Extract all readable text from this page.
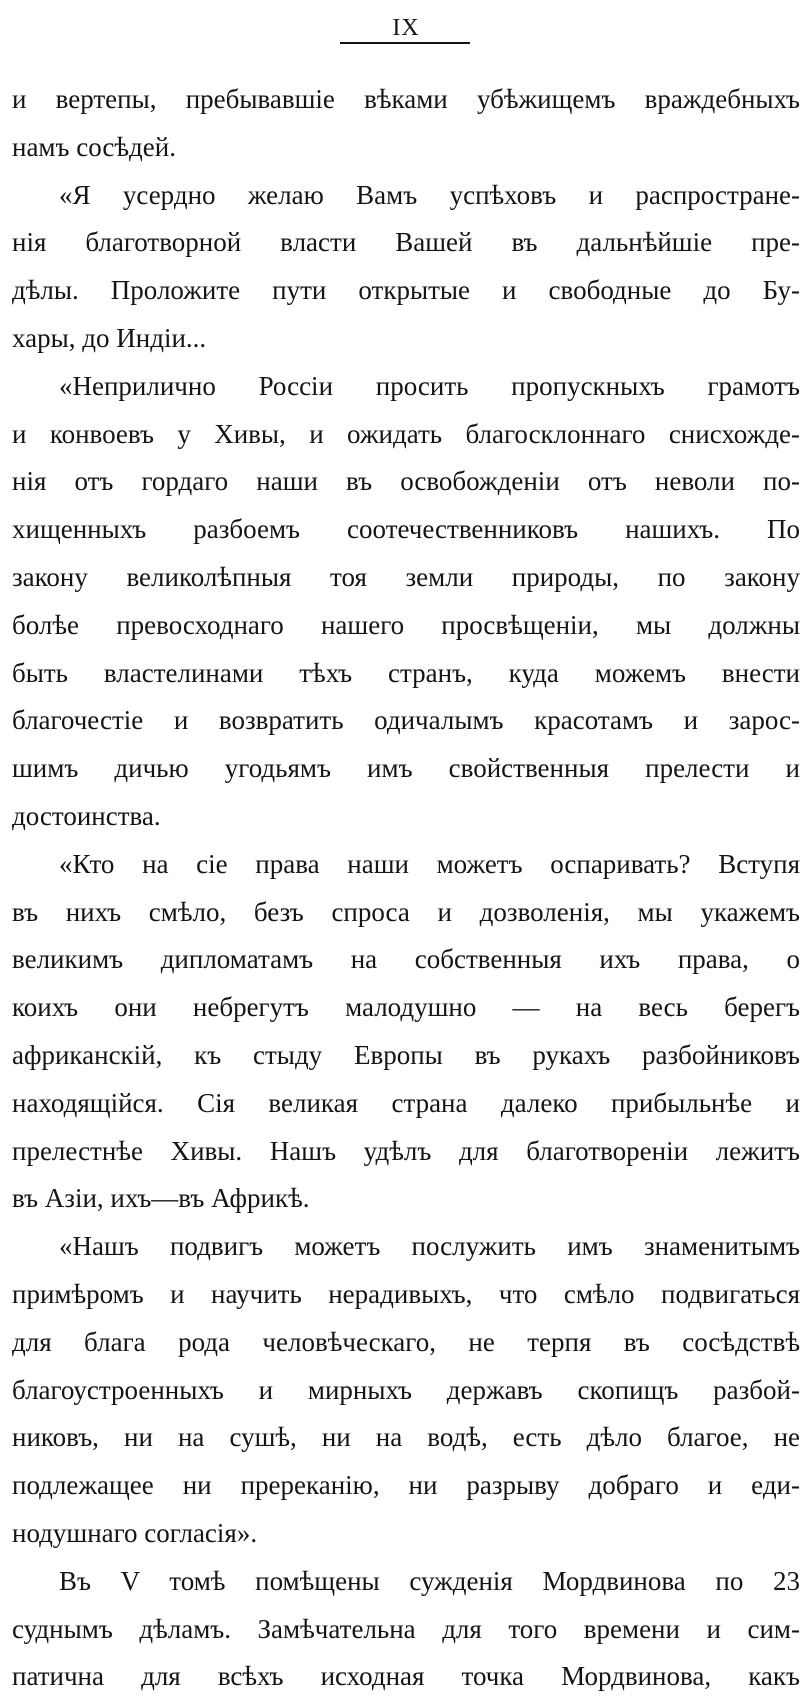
IX
и вертепы, пребывавшіе вѣками убѣжищемъ враждебныхъ
намъ сосѣдей.
«Я усердно желаю Вамъ успѣховъ и распростране-
нія благотворной власти Вашей въ дальнѣйшіе пре-
дѣлы. Проложите пути открытые и свободные до Бу-
хары, до Индіи...
«Неприлично Россіи просить пропускныхъ грамотъ
и конвоевъ у Хивы, и ожидать благосклоннаго снисхожде-
нія отъ гордаго наши въ освобожденіи отъ неволи по-
хищенныхъ разбоемъ соотечественниковъ нашихъ. По
закону великолѣпныя тоя земли природы, по закону
болѣе превосходнаго нашего просвѣщеніи, мы должны
быть властелинами тѣхъ странъ, куда можемъ внести
благочестіе и возвратить одичалымъ красотамъ и зарос-
шимъ дичью угодьямъ имъ свойственныя прелести и
достоинства.
«Кто на сіе права наши можетъ оспаривать? Вступя
въ нихъ смѣло, безъ спроса и дозволенія, мы укажемъ
великимъ дипломатамъ на собственныя ихъ права, о
коихъ они небрегутъ малодушно — на весь берегъ
африканскій, къ стыду Европы въ рукахъ разбойниковъ
находящійся. Сія великая страна далеко прибыльнѣе и
прелестнѣе Хивы. Нашъ удѣлъ для благотвореніи лежитъ
въ Азіи, ихъ—въ Африкѣ.
«Нашъ подвигъ можетъ послужить имъ знаменитымъ
примѣромъ и научить нерадивыхъ, что смѣло подвигаться
для блага рода человѣческаго, не терпя въ сосѣдствѣ
благоустроенныхъ и мирныхъ державъ скопищъ разбой-
никовъ, ни на сушѣ, ни на водѣ, есть дѣло благое, не
подлежащее ни пререканію, ни разрыву добраго и еди-
нодушнаго согласія».
Въ V томѣ помѣщены сужденія Мордвинова по 23
суднымъ дѣламъ. Замѣчательна для того времени и сим-
патична для всѣхъ исходная точка Мордвинова, какъ
